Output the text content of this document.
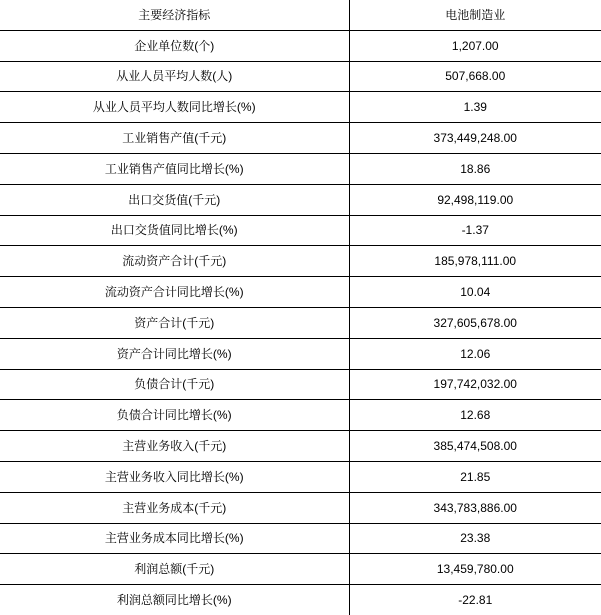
主要经济指标	电池制造业
企业单位数(个)	1,207.00
从业人员平均人数(人)	507,668.00
从业人员平均人数同比增长(%)	1.39
工业销售产值(千元)	373,449,248.00
工业销售产值同比增长(%)	18.86
出口交货值(千元)	92,498,119.00
出口交货值同比增长(%)	-1.37
流动资产合计(千元)	185,978,111.00
流动资产合计同比增长(%)	10.04
资产合计(千元)	327,605,678.00
资产合计同比增长(%)	12.06
负债合计(千元)	197,742,032.00
负债合计同比增长(%)	12.68
主营业务收入(千元)	385,474,508.00
主营业务收入同比增长(%)	21.85
主营业务成本(千元)	343,783,886.00
主营业务成本同比增长(%)	23.38
利润总额(千元)	13,459,780.00
利润总额同比增长(%)	-22.81
